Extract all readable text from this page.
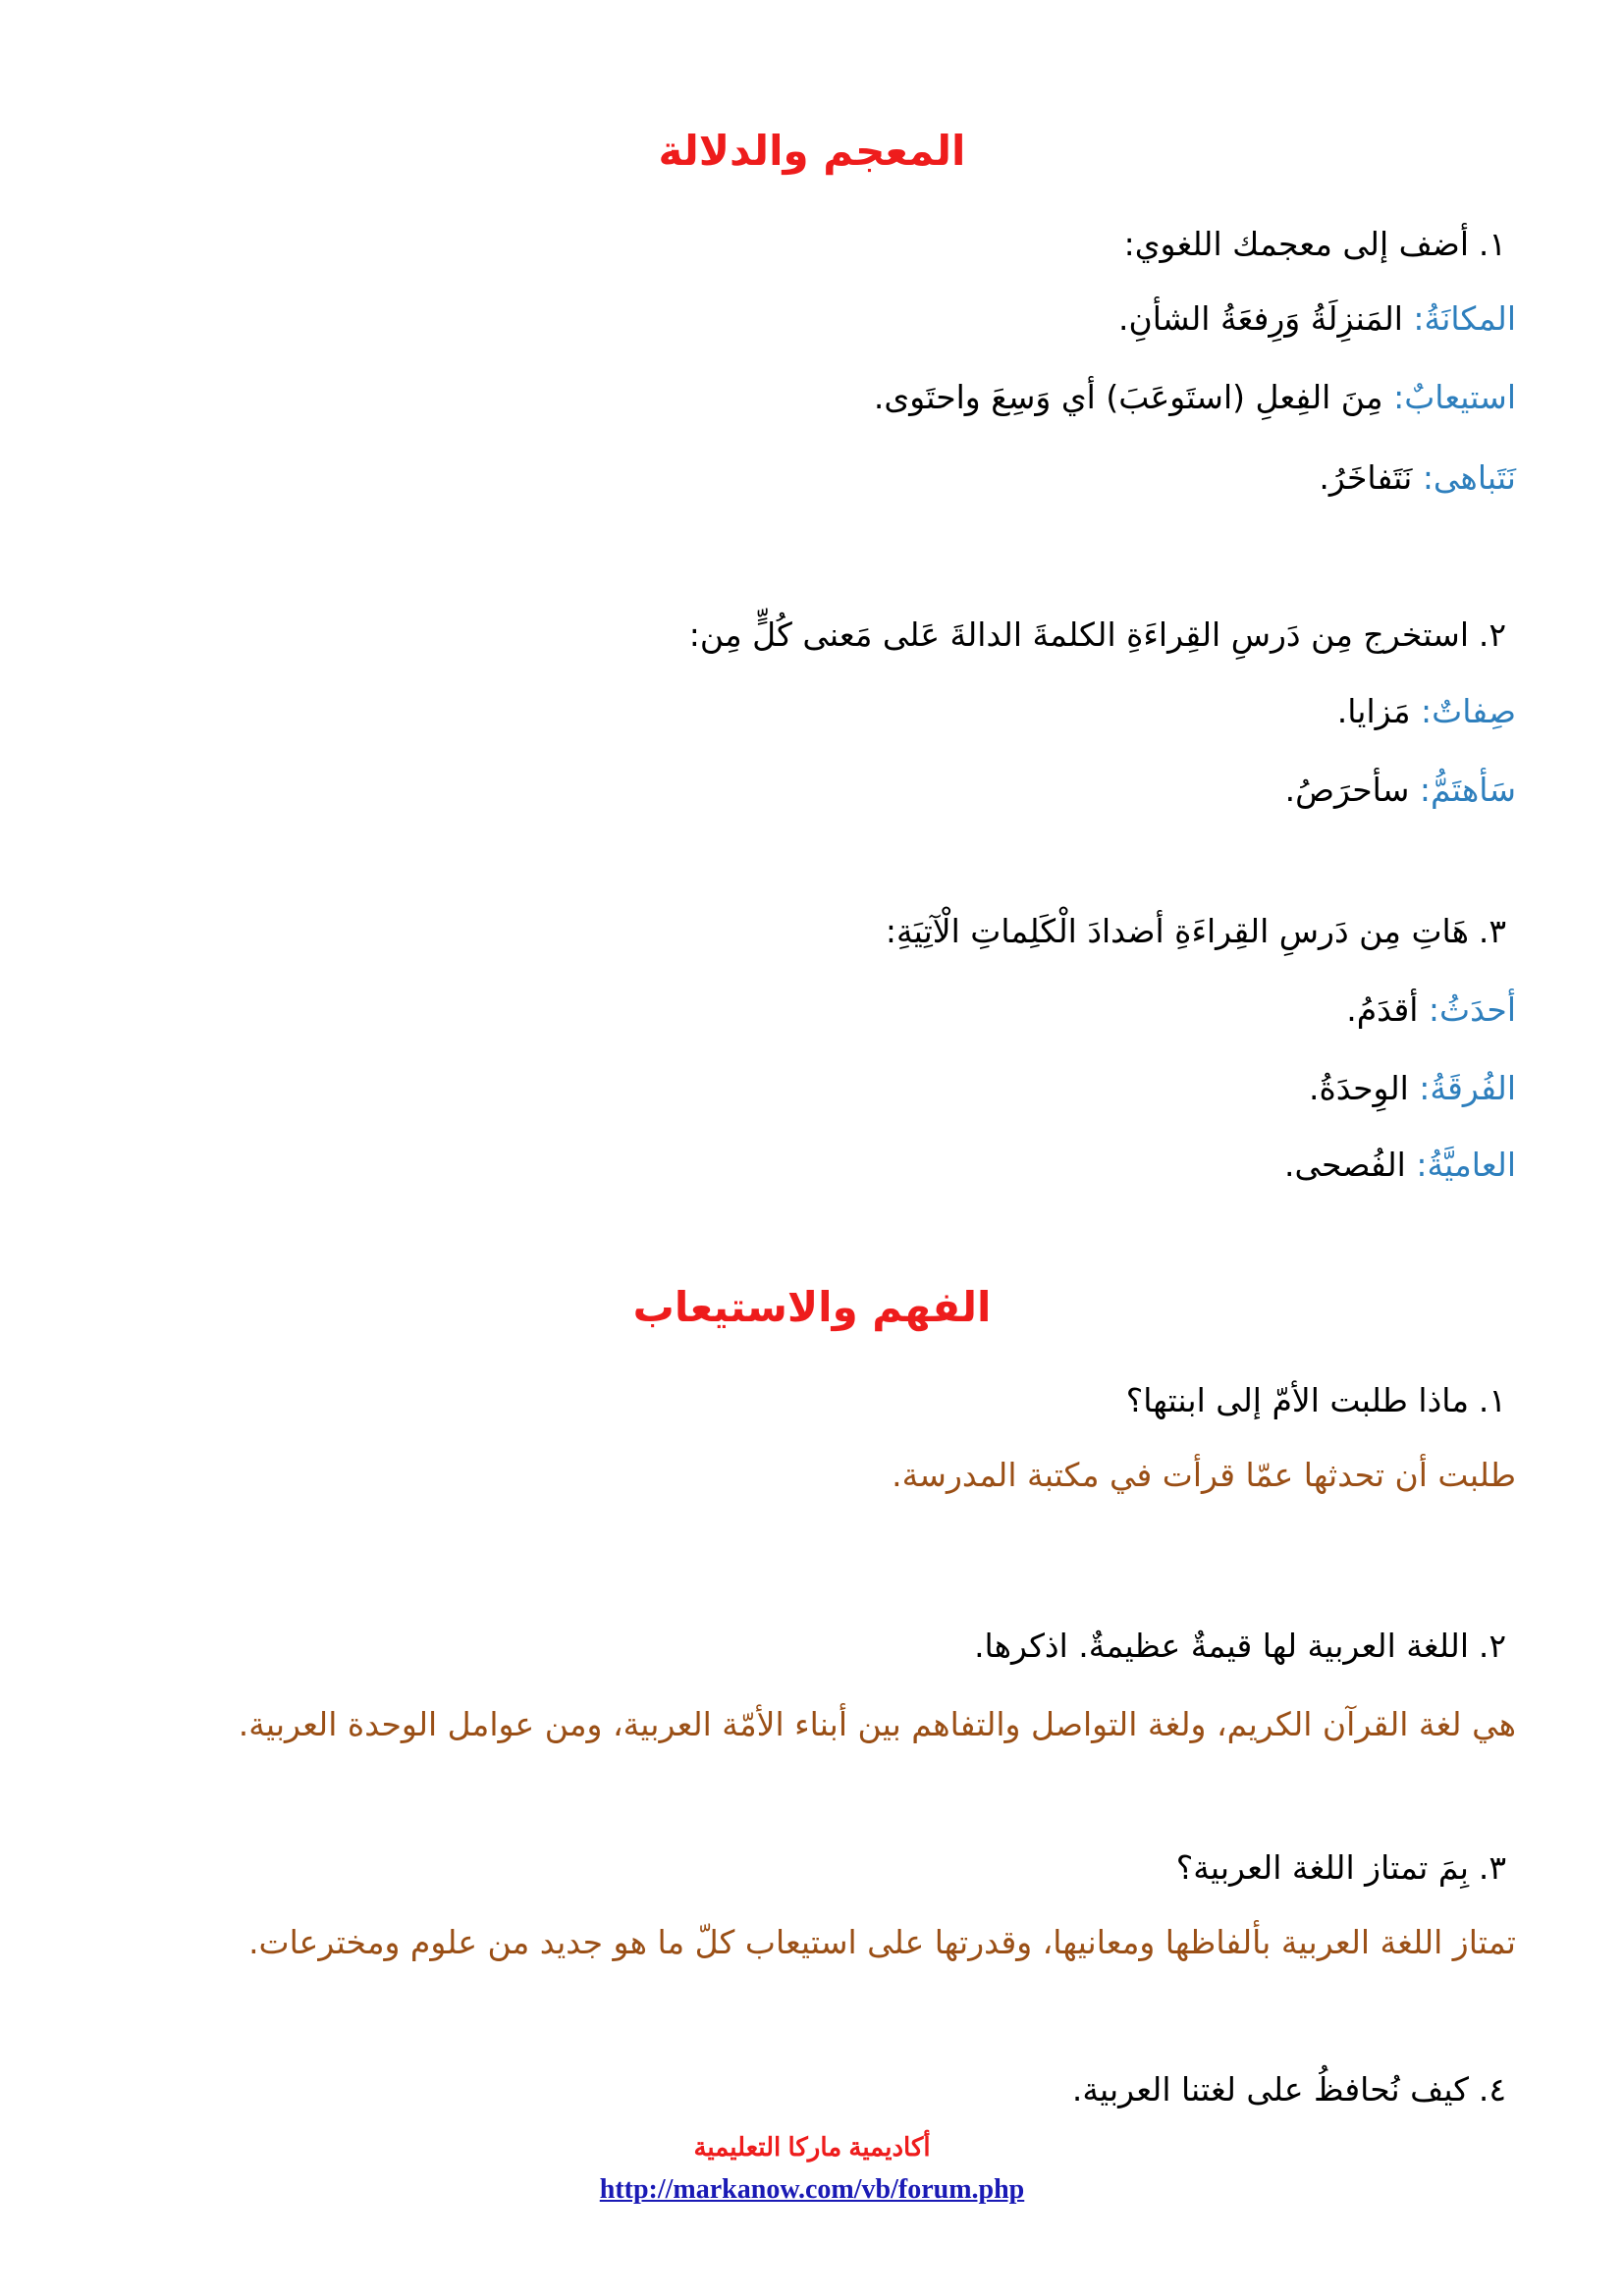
المعجم والدلالة
١.أضف إلى معجمك اللغوي:
المكانَةُ: المَنزِلَةُ وَرِفعَةُ الشأنِ.
استيعابٌ: مِنَ الفِعلِ (استَوعَبَ) أي وَسِعَ واحتَوى.
نَتَباهى: نَتَفاخَرُ.
٢.استخرج مِن دَرسِ القِراءَةِ الكلمةَ الدالةَ عَلى مَعنى كُلٍّ مِن:
صِفاتٌ: مَزايا.
سَأهتَمُّ: سأحرَصُ.
٣.هَاتِ مِن دَرسِ القِراءَةِ أضدادَ الْكَلِماتِ الْآتِيَةِ:
أحدَثُ: أقدَمُ.
الفُرقَةُ: الوِحدَةُ.
العاميَّةُ: الفُصحى.
الفهم والاستيعاب
١.ماذا طلبت الأمّ إلى ابنتها؟
طلبت أن تحدثها عمّا قرأت في مكتبة المدرسة.
٢.اللغة العربية لها قيمةٌ عظيمةٌ. اذكرها.
هي لغة القرآن الكريم، ولغة التواصل والتفاهم بين أبناء الأمّة العربية، ومن عوامل الوحدة العربية.
٣.بِمَ تمتاز اللغة العربية؟
تمتاز اللغة العربية بألفاظها ومعانيها، وقدرتها على استيعاب كلّ ما هو جديد من علوم ومخترعات.
٤.كيف نُحافظُ على لغتنا العربية.
أكاديمية ماركا التعليمية
http://markanow.com/vb/forum.php
